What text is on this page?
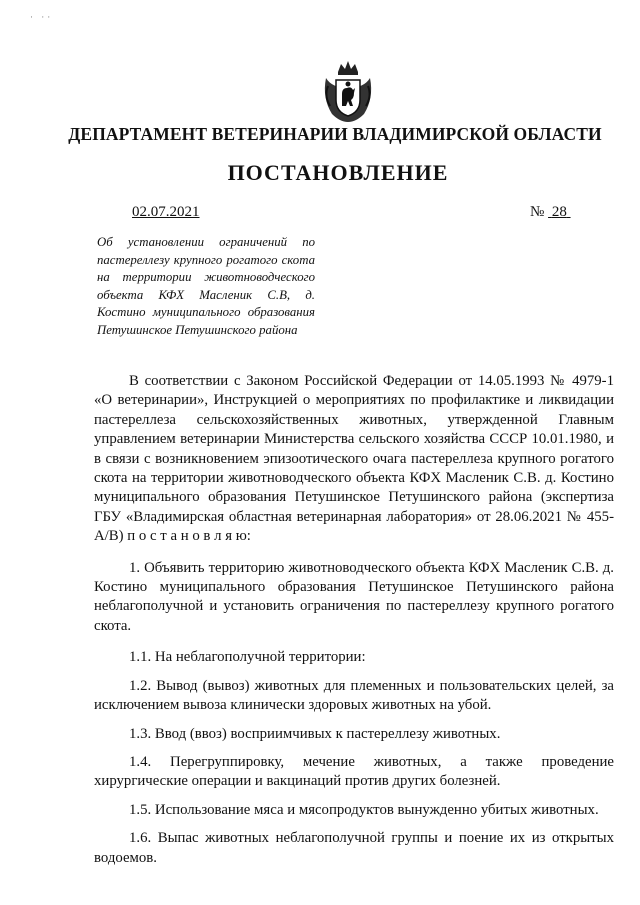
· ··
ДЕПАРТАМЕНТ ВЕТЕРИНАРИИ ВЛАДИМИРСКОЙ ОБЛАСТИ
ПОСТАНОВЛЕНИЕ
02.07.2021	№ 28
Об установлении ограничений по пастереллезу крупного рогатого скота на территории животноводческого объекта КФХ Масленик С.В, д. Костино муниципального образования Петушинское Петушинского района

В соответствии с Законом Российской Федерации от 14.05.1993 № 4979-1 «О ветеринарии», Инструкцией о мероприятиях по профилактике и ликвидации пастереллеза сельскохозяйственных животных, утвержденной Главным управлением ветеринарии Министерства сельского хозяйства СССР 10.01.1980, и в связи с возникновением эпизоотического очага пастереллеза крупного рогатого скота на территории животноводческого объекта КФХ Масленик С.В. д. Костино муниципального образования Петушинское Петушинского района (экспертиза ГБУ «Владимирская областная ветеринарная лаборатория» от 28.06.2021 № 455-А/В) п о с т а н о в л я ю:

1. Объявить территорию животноводческого объекта КФХ Масленик С.В. д. Костино муниципального образования Петушинское Петушинского района неблагополучной и установить ограничения по пастереллезу крупного рогатого скота.

1.1. На неблагополучной территории:

1.2. Вывод (вывоз) животных для племенных и пользовательских целей, за исключением вывоза клинически здоровых животных на убой.

1.3. Ввод (ввоз) восприимчивых к пастереллезу животных.

1.4. Перегруппировку, мечение животных, а также проведение хирургические операции и вакцинаций против других болезней.

1.5. Использование мяса и мясопродуктов вынужденно убитых животных.

1.6. Выпас животных неблагополучной группы и поение их из открытых водоемов.
